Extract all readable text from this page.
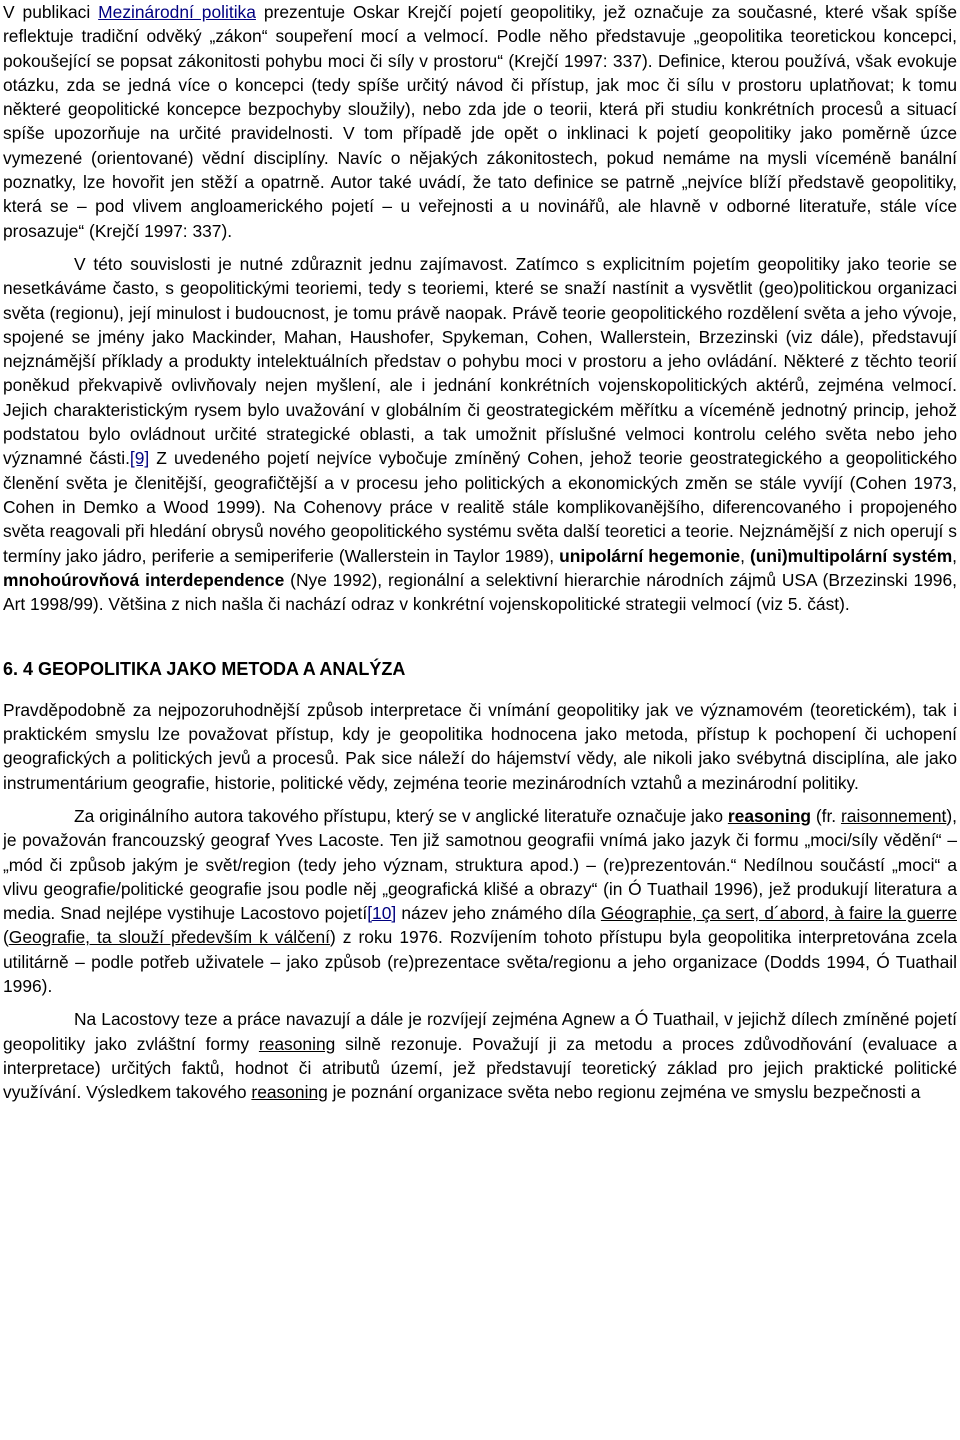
V publikaci Mezinárodní politika prezentuje Oskar Krejčí pojetí geopolitiky, jež označuje za současné, které však spíše reflektuje tradiční odvěký „zákon“ soupeření mocí a velmocí. Podle něho představuje „geopolitika teoretickou koncepci, pokoušející se popsat zákonitosti pohybu moci či síly v prostoru“ (Krejčí 1997: 337). Definice, kterou používá, však evokuje otázku, zda se jedná více o koncepci (tedy spíše určitý návod či přístup, jak moc či sílu v prostoru uplatňovat; k tomu některé geopolitické koncepce bezpochyby sloužily), nebo zda jde o teorii, která při studiu konkrétních procesů a situací spíše upozorňuje na určité pravidelnosti. V tom případě jde opět o inklinaci k pojetí geopolitiky jako poměrně úzce vymezené (orientované) vědní disciplíny. Navíc o nějakých zákonitostech, pokud nemáme na mysli víceméně banální poznatky, lze hovořit jen stěží a opatrně. Autor také uvádí, že tato definice se patrně „nejvíce blíží představě geopolitiky, která se – pod vlivem angloamerického pojetí – u veřejnosti a u novinářů, ale hlavně v odborné literatuře, stále více prosazuje“ (Krejčí 1997: 337).

V této souvislosti je nutné zdůraznit jednu zajímavost. Zatímco s explicitním pojetím geopolitiky jako teorie se nesetkáváme často, s geopolitickými teoriemi, tedy s teoriemi, které se snaží nastínit a vysvětlit (geo)politickou organizaci světa (regionu), její minulost i budoucnost, je tomu právě naopak. Právě teorie geopolitického rozdělení světa a jeho vývoje, spojené se jmény jako Mackinder, Mahan, Haushofer, Spykeman, Cohen, Wallerstein, Brzezinski (viz dále), představují nejznámější příklady a produkty intelektuálních představ o pohybu moci v prostoru a jeho ovládání. Některé z těchto teorií poněkud překvapivě ovlivňovaly nejen myšlení, ale i jednání konkrétních vojenskopolitických aktérů, zejména velmocí. Jejich charakteristickým rysem bylo uvažování v globálním či geostrategickém měřítku a víceméně jednotný princip, jehož podstatou bylo ovládnout určité strategické oblasti, a tak umožnit příslušné velmoci kontrolu celého světa nebo jeho významné části.[9] Z uvedeného pojetí nejvíce vybočuje zmíněný Cohen, jehož teorie geostrategického a geopolitického členění světa je členitější, geografičtější a v procesu jeho politických a ekonomických změn se stále vyvíjí (Cohen 1973, Cohen in Demko a Wood 1999). Na Cohenovy práce v realitě stále komplikovanějšího, diferencovaného i propojeného světa reagovali při hledání obrysů nového geopolitického systému světa další teoretici a teorie. Nejznámější z nich operují s termíny jako jádro, periferie a semiperiferie (Wallerstein in Taylor 1989), unipolární hegemonie, (uni)multipolární systém, mnohoúrovňová interdependence (Nye 1992), regionální a selektivní hierarchie národních zájmů USA (Brzezinski 1996, Art 1998/99). Většina z nich našla či nachází odraz v konkrétní vojenskopolitické strategii velmocí (viz 5. část).

6. 4 GEOPOLITIKA JAKO METODA A ANALÝZA

Pravděpodobně za nejpozoruhodnější způsob interpretace či vnímání geopolitiky jak ve významovém (teoretickém), tak i praktickém smyslu lze považovat přístup, kdy je geopolitika hodnocena jako metoda, přístup k pochopení či uchopení geografických a politických jevů a procesů. Pak sice náleží do hájemství vědy, ale nikoli jako svébytná disciplína, ale jako instrumentárium geografie, historie, politické vědy, zejména teorie mezinárodních vztahů a mezinárodní politiky.

Za originálního autora takového přístupu, který se v anglické literatuře označuje jako reasoning (fr. raisonnement), je považován francouzský geograf Yves Lacoste. Ten již samotnou geografii vnímá jako jazyk či formu „moci/síly vědění“ – „mód či způsob jakým je svět/region (tedy jeho význam, struktura apod.) – (re)prezentován.“ Nedílnou součástí „moci“ a vlivu geografie/politické geografie jsou podle něj „geografická klišé a obrazy“ (in Ó Tuathail 1996), jež produkují literatura a media. Snad nejlépe vystihuje Lacostovo pojetí[10] název jeho známého díla Géographie, ça sert, d´abord, à faire la guerre (Geografie, ta slouží především k válčení) z roku 1976. Rozvíjením tohoto přístupu byla geopolitika interpretována zcela utilitárně – podle potřeb uživatele – jako způsob (re)prezentace světa/regionu a jeho organizace (Dodds 1994, Ó Tuathail 1996).

Na Lacostovy teze a práce navazují a dále je rozvíjejí zejména Agnew a Ó Tuathail, v jejichž dílech zmíněné pojetí geopolitiky jako zvláštní formy reasoning silně rezonuje. Považují ji za metodu a proces zdůvodňování (evaluace a interpretace) určitých faktů, hodnot či atributů území, jež představují teoretický základ pro jejich praktické politické využívání. Výsledkem takového reasoning je poznání organizace světa nebo regionu zejména ve smyslu bezpečnosti a
